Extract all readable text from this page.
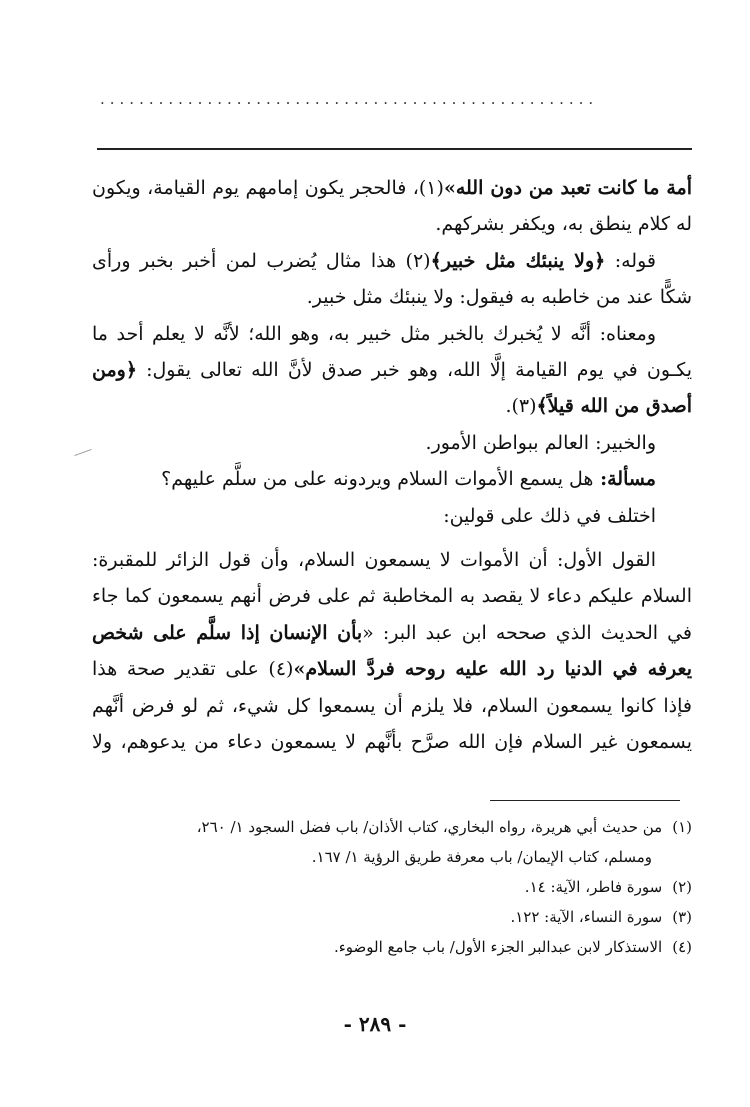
...................................................
أمة ما كانت تعبد من دون الله»(١)، فالحجر يكون إمامهم يوم القيامة، ويكون
له كلام ينطق به، ويكفر بشركهم.
قوله: ﴿ولا ينبئك مثل خبير﴾(٢) هذا مثال يُضرب لمن أخبر بخبر ورأى
شكًّا عند من خاطبه به فيقول: ولا ينبئك مثل خبير.
ومعناه: أنَّه لا يُخبرك بالخبر مثل خبير به، وهو الله؛ لأنَّه لا يعلم أحد ما
يكـون في يوم القيامة إلَّا الله، وهو خبر صدق لأنَّ الله تعالى يقول: ﴿ومن
أصدق من الله قيلاً﴾(٣).
والخبير: العالم ببواطن الأمور.
مسألة: هل يسمع الأموات السلام ويردونه على من سلَّم عليهم؟
اختلف في ذلك على قولين:
القول الأول: أن الأموات لا يسمعون السلام، وأن قول الزائر للمقبرة:
السلام عليكم دعاء لا يقصد به المخاطبة ثم على فرض أنهم يسمعون كما جاء
في الحديث الذي صححه ابن عبد البر: «بأن الإنسان إذا سلَّم على شخص
يعرفه في الدنيا رد الله عليه روحه فردَّ السلام»(٤) على تقدير صحة هذا
فإذا كانوا يسمعون السلام، فلا يلزم أن يسمعوا كل شيء، ثم لو فرض أنَّهم
يسمعون غير السلام فإن الله صرَّح بأنَّهم لا يسمعون دعاء من يدعوهم، ولا
(١)من حديث أبي هريرة، رواه البخاري، كتاب الأذان/ باب فضل السجود ١/ ٢٦٠،
ومسلم، كتاب الإيمان/ باب معرفة طريق الرؤية ١/ ١٦٧.
(٢)سورة فاطر، الآية: ١٤.
(٣)سورة النساء، الآية: ١٢٢.
(٤)الاستذكار لابن عبدالبر الجزء الأول/ باب جامع الوضوء.
- ٢٨٩ -
